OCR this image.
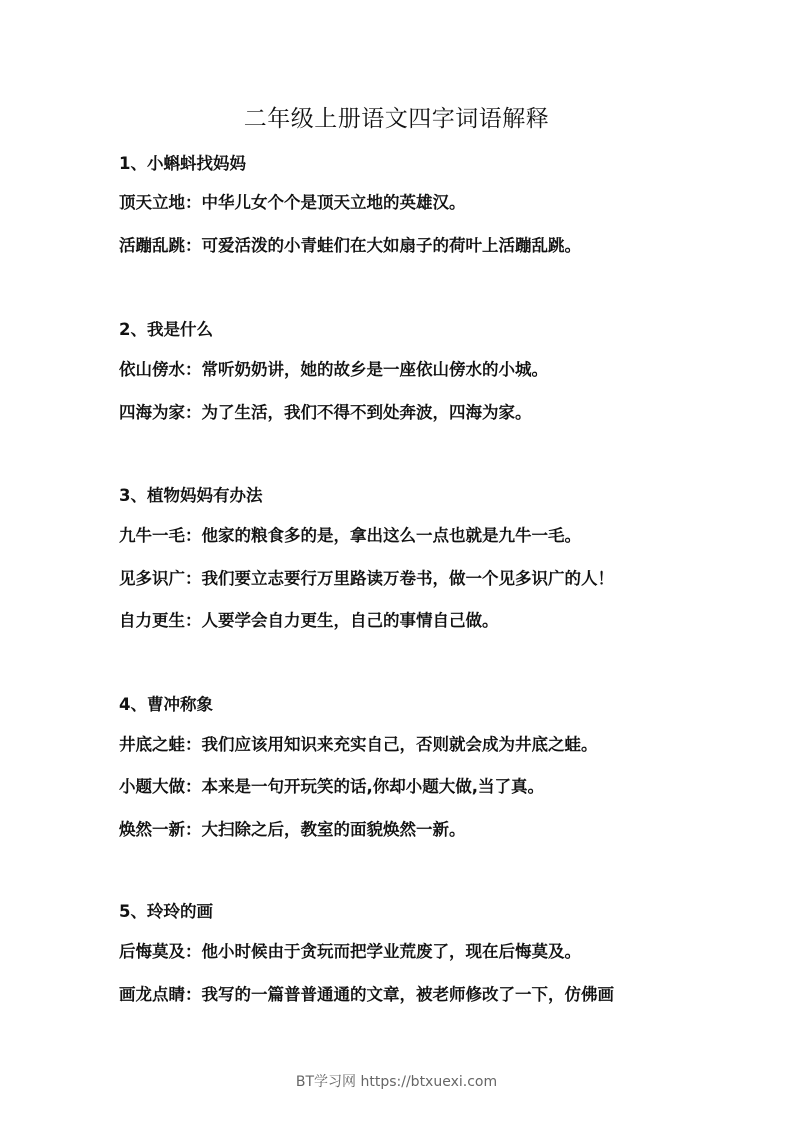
二年级上册语文四字词语解释
1、小蝌蚪找妈妈
顶天立地：中华儿女个个是顶天立地的英雄汉。
活蹦乱跳：可爱活泼的小青蛙们在大如扇子的荷叶上活蹦乱跳。
2、我是什么
依山傍水：常听奶奶讲，她的故乡是一座依山傍水的小城。
四海为家：为了生活，我们不得不到处奔波，四海为家。
3、植物妈妈有办法
九牛一毛：他家的粮食多的是，拿出这么一点也就是九牛一毛。
见多识广：我们要立志要行万里路读万卷书，做一个见多识广的人！
自力更生：人要学会自力更生，自己的事情自己做。
4、曹冲称象
井底之蛙：我们应该用知识来充实自己，否则就会成为井底之蛙。
小题大做：本来是一句开玩笑的话,你却小题大做,当了真。
焕然一新：大扫除之后，教室的面貌焕然一新。
5、玲玲的画
后悔莫及：他小时候由于贪玩而把学业荒废了，现在后悔莫及。
画龙点睛：我写的一篇普普通通的文章，被老师修改了一下，仿佛画
BT学习网 https://btxuexi.com
